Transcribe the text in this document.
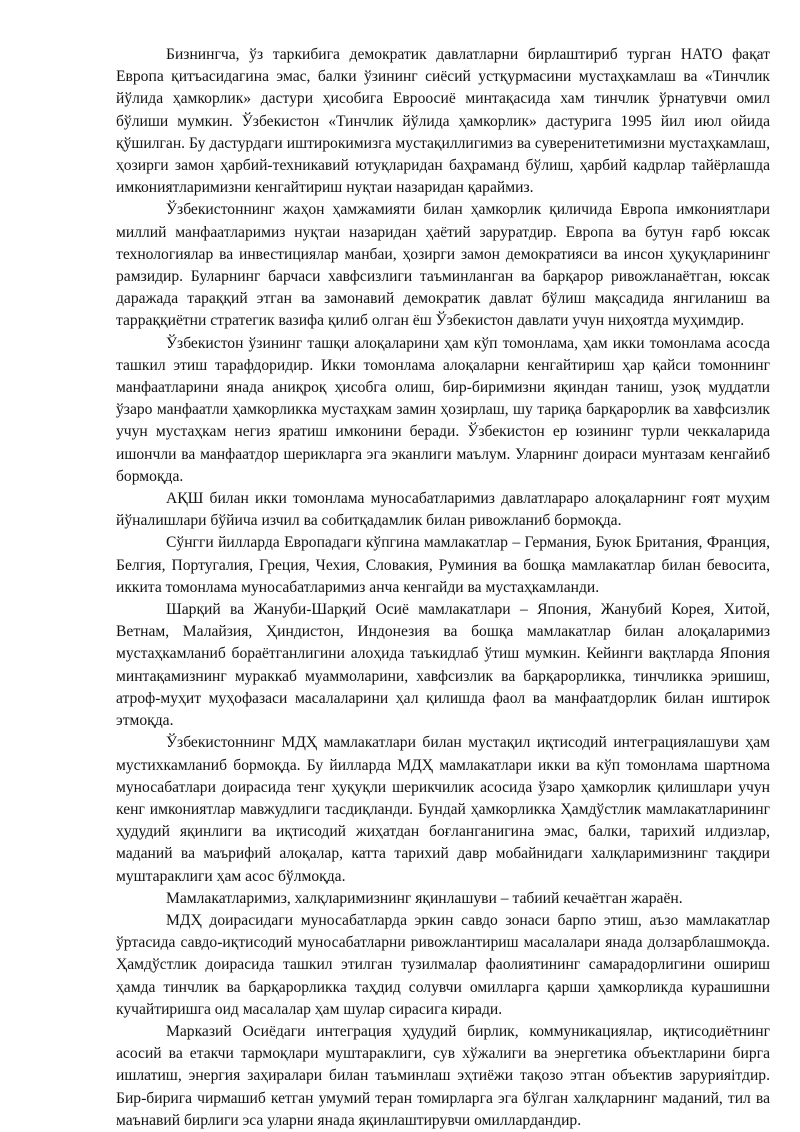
Бизнингча, ўз таркибига демократик давлатларни бирлаштириб турган НАТО фақат Европа қитъасидагина эмас, балки ўзининг сиёсий устқурмасини мустаҳкамлаш ва «Тинчлик йўлида ҳамкорлик» дастури ҳисобига Евроосиё минтақасида хам тинчлик ўрнатувчи омил бўлиши мумкин. Ўзбекистон «Тинчлик йўлида ҳамкорлик» дастурига 1995 йил июл ойида қўшилган. Бу дастурдаги иштирокимизга мустақиллигимиз ва суверенитетимизни мустаҳкамлаш, ҳозирги замон ҳарбий-техникавий ютуқларидан баҳраманд бўлиш, ҳарбий кадрлар тайёрлашда имкониятларимизни кенгайтириш нуқтаи назаридан қараймиз.

Ўзбекистоннинг жаҳон ҳамжамияти билан ҳамкорлик қиличида Европа имкониятлари миллий манфаатларимиз нуқтаи назаридан ҳаётий заруратдир. Европа ва бутун ғарб юксак технологиялар ва инвестициялар манбаи, ҳозирги замон демократияси ва инсон ҳуқуқларининг рамзидир. Буларнинг барчаси хавфсизлиги таъминланган ва барқарор ривожланаётган, юксак даражада тараққий этган ва замонавий демократик давлат бўлиш мақсадида янгиланиш ва тарраққиётни стратегик вазифа қилиб олган ёш Ўзбекистон давлати учун ниҳоятда муҳимдир.

Ўзбекистон ўзининг ташқи алоқаларини ҳам кўп томонлама, ҳам икки томонлама асосда ташкил этиш тарафдоридир. Икки томонлама алоқаларни кенгайтириш ҳар қайси томоннинг манфаатларини янада аниқроқ ҳисобга олиш, бир-биримизни яқиндан таниш, узоқ муддатли ўзаро манфаатли ҳамкорликка мустаҳкам замин ҳозирлаш, шу тариқа барқарорлик ва хавфсизлик учун мустаҳкам негиз яратиш имконини беради. Ўзбекистон ер юзининг турли чеккаларида ишончли ва манфаатдор шерикларга эга эканлиги маълум. Уларнинг доираси мунтазам кенгайиб бормоқда.

АҚШ билан икки томонлама муносабатларимиз давлатлараро алоқаларнинг ғоят муҳим йўналишлари бўйича изчил ва собитқадамлик билан ривожланиб бормоқда.

Сўнгги йилларда Европадаги кўпгина мамлакатлар – Германия, Буюк Британия, Франция, Белгия, Португалия, Греция, Чехия, Словакия, Руминия ва бошқа мамлакатлар билан бевосита, иккита томонлама муносабатларимиз анча кенгайди ва мустаҳкамланди.

Шарқий ва Жануби-Шарқий Осиё мамлакатлари – Япония, Жанубий Корея, Хитой, Ветнам, Малайзия, Ҳиндистон, Индонезия ва бошқа мамлакатлар билан алоқаларимиз мустаҳкамланиб бораётганлигини алоҳида таъкидлаб ўтиш мумкин. Кейинги вақтларда Япония минтақамизнинг мураккаб муаммоларини, хавфсизлик ва барқарорликка, тинчликка эришиш, атроф-муҳит муҳофазаси масалаларини ҳал қилишда фаол ва манфаатдорлик билан иштирок этмоқда.

Ўзбекистоннинг МДҲ мамлакатлари билан мустақил иқтисодий интеграциялашуви ҳам мустихкамланиб бормоқда. Бу йилларда МДҲ мамлакатлари икки ва кўп томонлама шартнома муносабатлари доирасида тенг ҳуқуқли шерикчилик асосида ўзаро ҳамкорлик қилишлари учун кенг имкониятлар мавжудлиги тасдиқланди. Бундай ҳамкорликка Ҳамдўстлик мамлакатларининг ҳудудий яқинлиги ва иқтисодий жиҳатдан боғланганигина эмас, балки, тарихий илдизлар, маданий ва маърифий алоқалар, катта тарихий давр мобайнидаги халқларимизнинг тақдири муштараклиги ҳам асос бўлмоқда.

Мамлакатларимиз, халқларимизнинг яқинлашуви – табиий кечаётган жараён.

МДҲ доирасидаги муносабатларда эркин савдо зонаси барпо этиш, аъзо мамлакатлар ўртасида савдо-иқтисодий муносабатларни ривожлантириш масалалари янада долзарблашмоқда. Ҳамдўстлик доирасида ташкил этилган тузилмалар фаолиятининг самарадорлигини ошириш ҳамда тинчлик ва барқарорликка таҳдид солувчи омилларга қарши ҳамкорликда курашишни кучайтиришга оид масалалар ҳам шулар сирасига киради.

Марказий Осиёдаги интеграция ҳудудий бирлик, коммуникациялар, иқтисодиётнинг асосий ва етакчи тармоқлари муштараклиги, сув хўжалиги ва энергетика объектларини бирга ишлатиш, энергия заҳиралари билан таъминлаш эҳтиёжи тақозо этган объектив зарурияітдир. Бир-бирига чирмашиб кетган умумий теран томирларга эга бўлган халқларнинг маданий, тил ва маънавий бирлиги эса уларни янада яқинлаштирувчи омиллардандир.
